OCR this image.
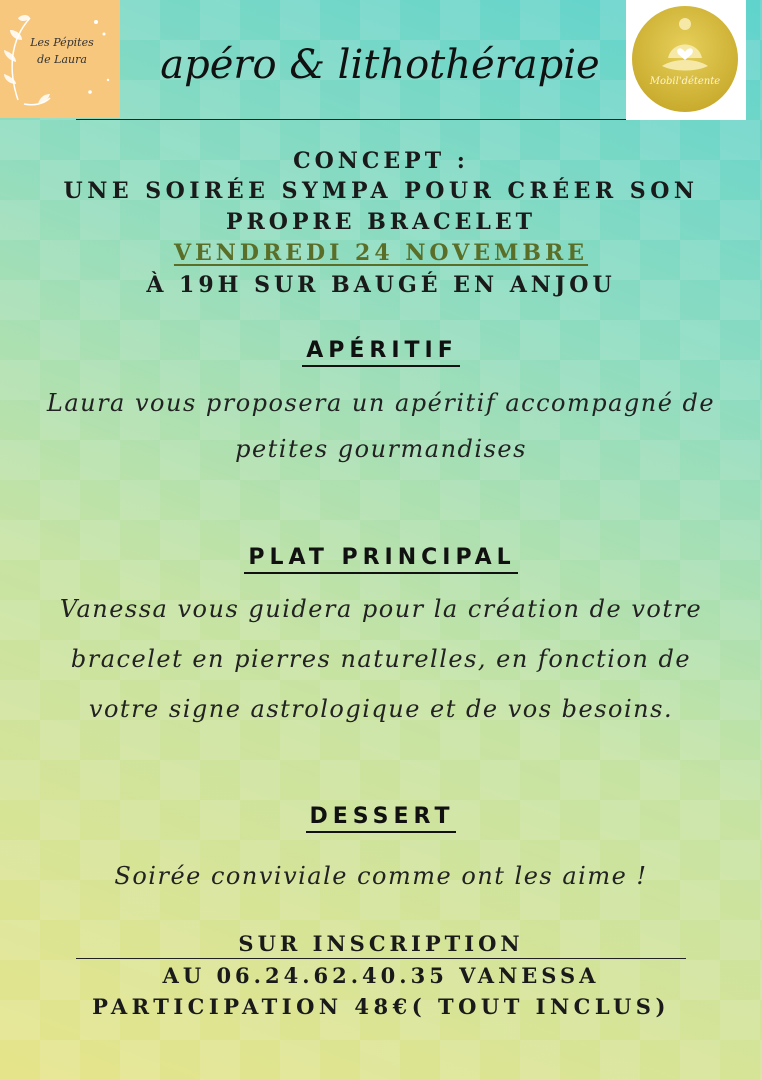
Les Pépites
de Laura	apéro & lithothérapie	Mobil'détente
CONCEPT :
UNE SOIRÉE SYMPA POUR CRÉER SON
PROPRE BRACELET
VENDREDI 24 NOVEMBRE
À 19H SUR BAUGÉ EN ANJOU
APÉRITIF
Laura vous proposera un apéritif accompagné de
petites gourmandises
PLAT PRINCIPAL
Vanessa vous guidera pour la création de votre
bracelet en pierres naturelles, en fonction de
votre signe astrologique et de vos besoins.
DESSERT
Soirée conviviale comme ont les aime !
SUR INSCRIPTION
AU 06.24.62.40.35 VANESSA
PARTICIPATION 48€( TOUT INCLUS)
